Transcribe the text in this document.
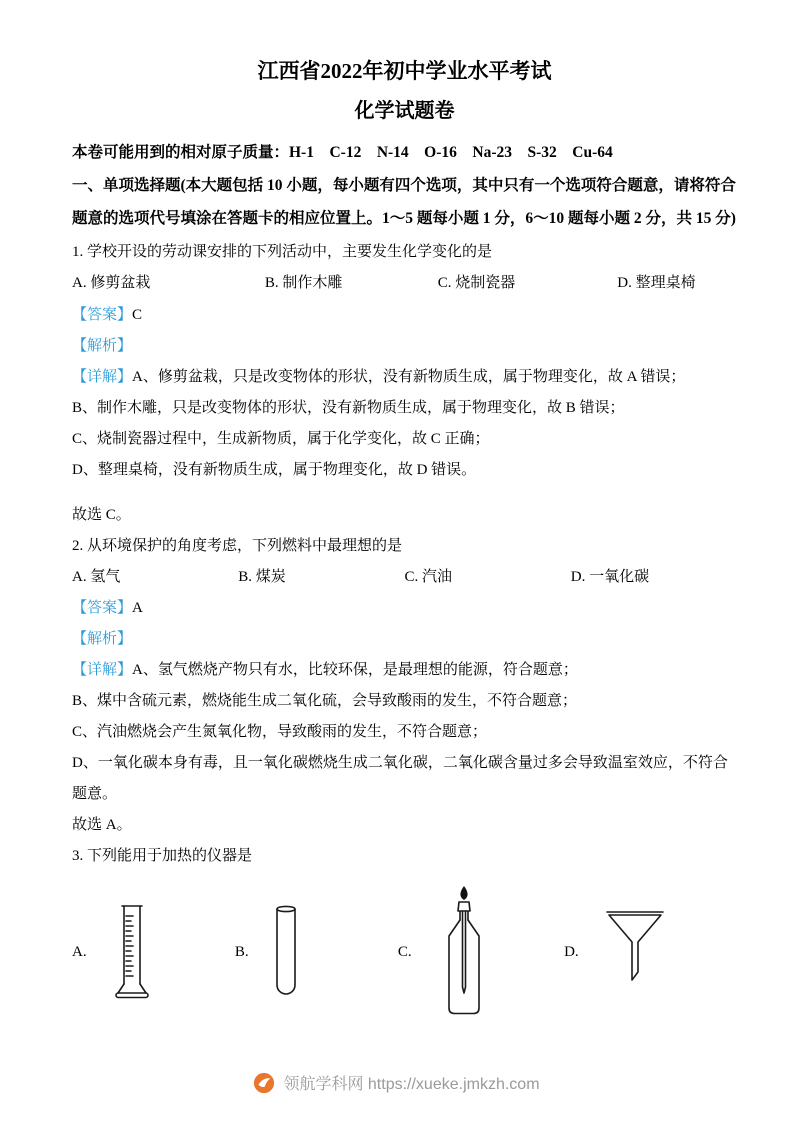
江西省2022年初中学业水平考试
化学试题卷

本卷可能用到的相对原子质量：H-1　C-12　N-14　O-16　Na-23　S-32　Cu-64

一、单项选择题(本大题包括 10 小题，每小题有四个选项，其中只有一个选项符合题意，请将符合题意的选项代号填涂在答题卡的相应位置上。1～5 题每小题 1 分，6～10 题每小题 2 分，共 15 分)

1. 学校开设的劳动课安排的下列活动中，主要发生化学变化的是

A. 修剪盆栽	B. 制作木雕	C. 烧制瓷器	D. 整理桌椅

【答案】C

【解析】

【详解】A、修剪盆栽，只是改变物体的形状，没有新物质生成，属于物理变化，故 A 错误；

B、制作木雕，只是改变物体的形状，没有新物质生成，属于物理变化，故 B 错误；

C、烧制瓷器过程中，生成新物质，属于化学变化，故 C 正确；

D、整理桌椅，没有新物质生成，属于物理变化，故 D 错误。

故选 C。

2. 从环境保护的角度考虑，下列燃料中最理想的是

A. 氢气	B. 煤炭	C. 汽油	D. 一氧化碳

【答案】A

【解析】

【详解】A、氢气燃烧产物只有水，比较环保，是最理想的能源，符合题意；

B、煤中含硫元素，燃烧能生成二氧化硫，会导致酸雨的发生，不符合题意；

C、汽油燃烧会产生氮氧化物，导致酸雨的发生，不符合题意；

D、一氧化碳本身有毒，且一氧化碳燃烧生成二氧化碳，二氧化碳含量过多会导致温室效应，不符合题意。

故选 A。

3. 下列能用于加热的仪器是

A.	B.	C.	D.
领航学科网 https://xueke.jmkzh.com
